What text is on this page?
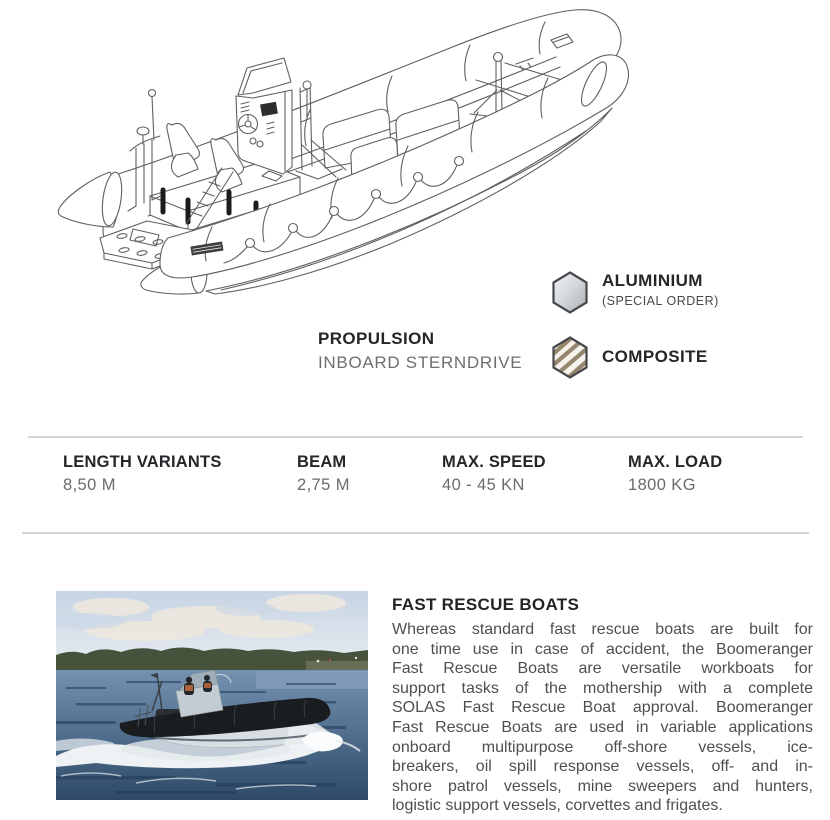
ALUMINIUM
(SPECIAL ORDER)
COMPOSITE
PROPULSION
INBOARD STERNDRIVE
LENGTH VARIANTS
8,50 M
BEAM
2,75 M
MAX. SPEED
40 - 45 KN
MAX. LOAD
1800 KG
FAST RESCUE BOATS
Whereas standard fast rescue boats are built for
one time use in case of accident, the Boomeranger
Fast Rescue Boats are versatile workboats for
support tasks of the mothership with a complete
SOLAS Fast Rescue Boat approval. Boomeranger
Fast Rescue Boats are used in variable applications
onboard multipurpose off-shore vessels, ice-
breakers, oil spill response vessels, off- and in-
shore patrol vessels, mine sweepers and hunters,
logistic support vessels, corvettes and frigates.
